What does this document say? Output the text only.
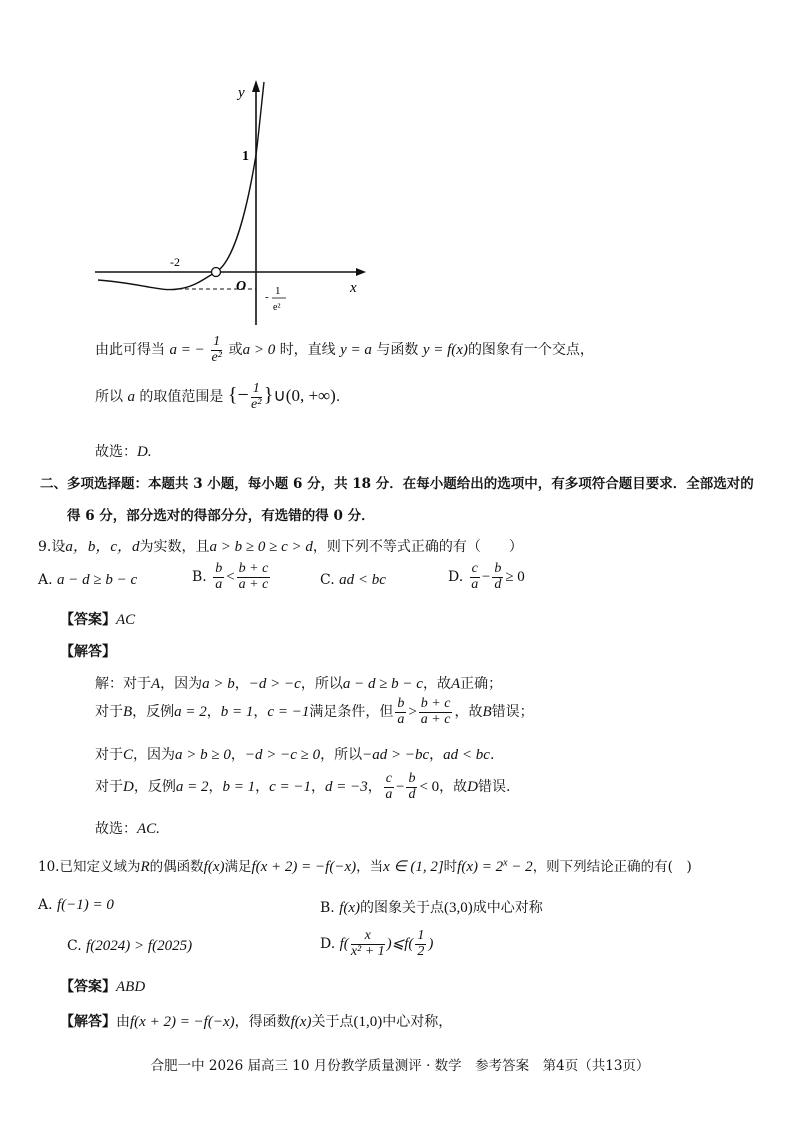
y
x
1
-2
O
- 1
e²
由此可得当 a = − $\frac{1}{\text{e²}}$ 或a > 0 时，直线 y = a 与函数 y = f(x)的图象有一个交点，
所以 a 的取值范围是 {− $\frac{1}{\text{e²}}$ }∪(0, +∞).
故选：D.
二、多项选择题：本题共 3 小题，每小题 6 分，共 18 分．在每小题给出的选项中，有多项符合题目要求．全部选对的
得 6 分，部分选对的得部分分，有选错的得 0 分．
9.设a，b，c，d为实数，且a > b ≥ 0 ≥ c > d，则下列不等式正确的有（　　）
A. a − d ≥ b − c	B. $\frac{b}{a} < \frac{b + c}{a + c}$	C. ad < bc	D. $\frac{c}{a} - \frac{b}{d} \ge 0$
【答案】AC
【解答】
解：对于A，因为a > b，−d > −c，所以a − d ≥ b − c，故A正确；
对于B，反例a = 2，b = 1，c = −1满足条件，但 $\frac{b}{a} > \frac{b + c}{a + c}$ ，故B错误；
对于C，因为a > b ≥ 0，−d > −c ≥ 0，所以−ad > −bc，ad < bc.
对于D，反例a = 2，b = 1，c = −1，d = −3， $\frac{c}{a} - \frac{b}{d} < 0$，故D错误.
故选：AC.
10.已知定义域为R的偶函数f(x)满足f(x + 2) = −f(−x)，当x ∈ (1, 2]时$f(x) = 2^x - 2$，则下列结论正确的有(　)
A. f(−1) = 0	B. f(x)的图象关于点(3,0)成中心对称
C. f(2024) > f(2025)	D. $f( \frac{x}{\text{x² + 1}}$ )⩽f( $\frac{1}{2}$ )
【答案】ABD
【解答】由f(x + 2) = −f(−x)，得函数f(x)关于点(1,0)中心对称，
合肥一中 2026 届高三 10 月份教学质量测评 · 数学　参考答案　第4页（共13页）
